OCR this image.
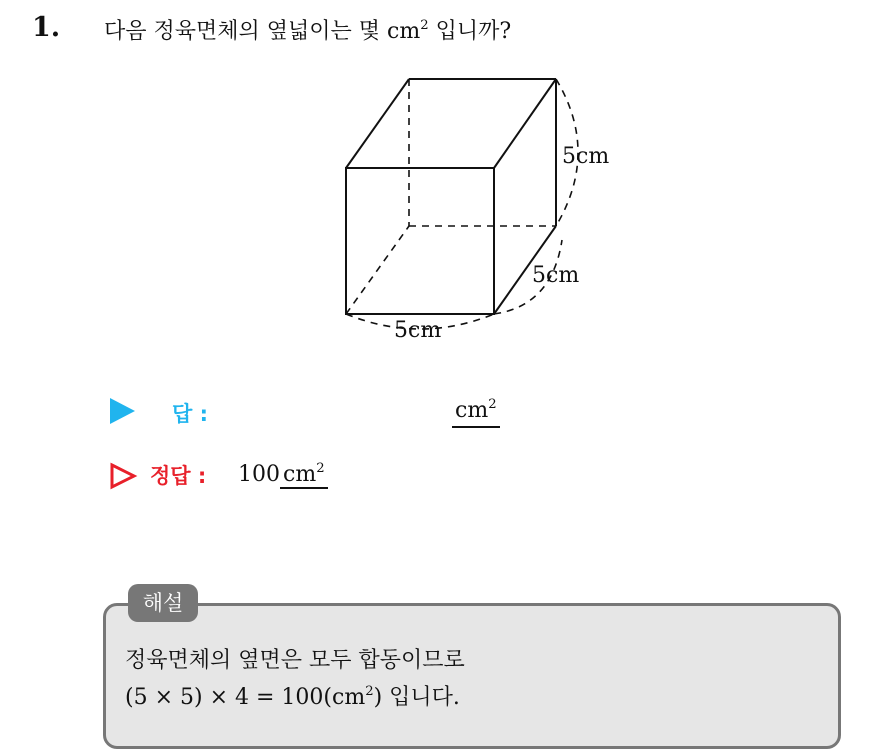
1. 다음 정육면체의 옆넓이는 몇 $cm^2$ 입니까?
5cm
5cm
5cm
답 :	$cm^2$
정답 : 100 $cm^2$
해설
정육면체의 옆면은 모두 합동이므로
$(5 \times 5) \times 4 = 100(cm^2)$ 입니다.
